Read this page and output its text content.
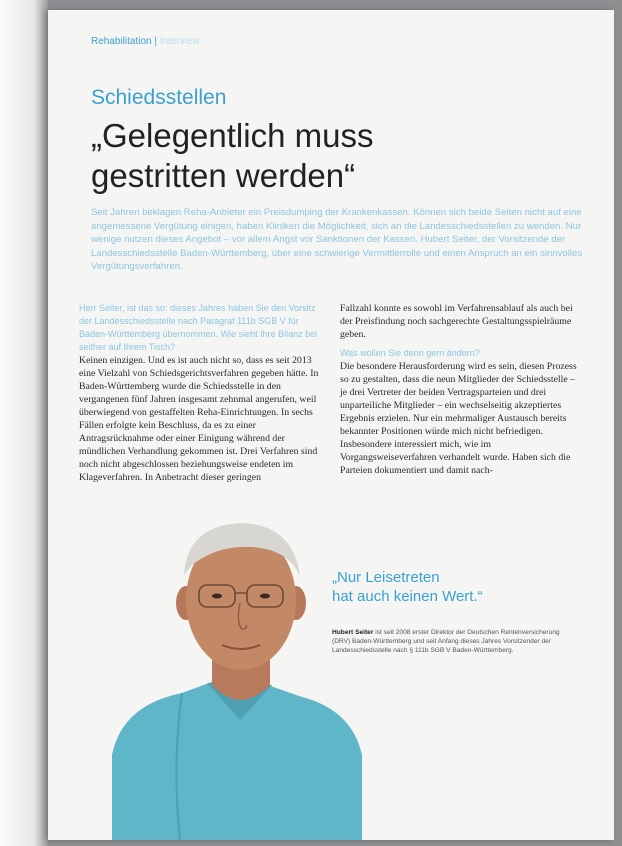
Rehabilitation | Interview
Schiedsstellen
„Gelegentlich muss
gestritten werden“

Seit Jahren beklagen Reha-Anbieter ein Preisdumping der Krankenkassen. Können sich beide Seiten nicht auf eine angemessene Vergütung einigen, haben Kliniken die Möglichkeit, sich an die Landesschiedsstellen zu wenden. Nur wenige nutzen dieses Angebot – vor allem Angst vor Sanktionen der Kassen. Hubert Seiter, der Vorsitzende der Landesschiedsstelle Baden-Württemberg, über eine schwierige Vermittlerrolle und einen Anspruch an ein sinnvolles Vergütungsverfahren.

Herr Seiter, ist das so: dieses Jahres haben Sie den Vorsitz der Landesschiedsstelle nach Paragraf 111b SGB V für Baden-Württemberg übernommen. Wie sieht Ihre Bilanz bei seither auf Ihrem Tisch?

Keinen einzigen. Und es ist auch nicht so, dass es seit 2013 eine Vielzahl von Schiedsgerichtsverfahren gegeben hätte. In Baden-Württemberg wurde die Schiedsstelle in den vergangenen fünf Jahren insgesamt zehnmal angerufen, weil überwiegend von gestaffelten Reha-Einrichtungen. In sechs Fällen erfolgte kein Beschluss, da es zu einer Antragsrücknahme oder einer Einigung während der mündlichen Verhandlung gekommen ist. Drei Verfahren sind noch nicht abgeschlossen beziehungsweise endeten im Klageverfahren. In Anbetracht dieser geringen

Fallzahl konnte es sowohl im Verfahrensablauf als auch bei der Preisfindung noch sachgerechte Gestaltungsspielräume geben.

Was wollen Sie denn gern ändern?

Die besondere Herausforderung wird es sein, diesen Prozess so zu gestalten, dass die neun Mitglieder der Schiedsstelle – je drei Vertreter der beiden Vertragsparteien und drei unparteiliche Mitglieder – ein wechselseitig akzeptiertes Ergebnis erzielen. Nur ein mehrmaliger Austausch bereits bekannter Positionen würde mich nicht befriedigen. Insbesondere interessiert mich, wie im Vorgangsweiseverfahren verhandelt wurde. Haben sich die Parteien dokumentiert und damit nach-

„Nur Leisetreten
hat auch keinen Wert.“

Hubert Seiter ist seit 2008 erster Direktor der Deutschen Rentenversicherung (DRV) Baden-Württemberg und seit Anfang dieses Jahres Vorsitzender der Landesschiedsstelle nach § 111b SGB V Baden-Württemberg.
